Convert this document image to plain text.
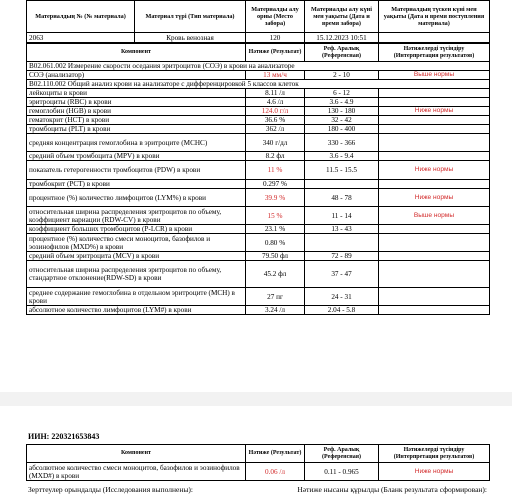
Материалдың № (№ материала)	Материал түрі (Тип материала)	Материалды алу орны (Место забора)	Материалды алу күні мен уақыты (Дата и время забора)	Материалдың түскен күні мен уақыты (Дата и время поступления материала)
2063	Кровь венозная	120	15.12.2023 10:51	
Компонент	Нәтиже (Результат)	Реф. Аралық (Референсная)	Нәтижелерді түсіндіру (Интерпретация результатов)
B02.061.002 Измерение скорости оседания эритроцитов (СОЭ) в крови на анализаторе			
СОЭ (анализатор)	13 мм/ч	2 - 10	Выше нормы
B02.110.002 Общий анализ крови на анализаторе с дифференцировкой 5 классов клеток			
лейкоциты в крови	8.11 /л	6 - 12	
эритроциты (RBC) в крови	4.6 /л	3.6 - 4.9	
гемоглобин (HGB) в крови	124.0 г/л	130 - 180	Ниже нормы
гематокрит (HCT) в крови	36.6 %	32 - 42	
тромбоциты (PLT) в крови	362 /л	180 - 400	
средняя концентрация гемоглобина в эритроците (MCHC)	340 г/дл	330 - 366	
средний объем тромбоцита (MPV) в крови	8.2 фл	3.6 - 9.4	
показатель гетерогенности тромбоцитов (PDW) в крови	11 %	11.5 - 15.5	Ниже нормы
тромбокрит (PCT) в крови	0.297 %		
процентное (%) количество лимфоцитов (LYM%) в крови	39.9 %	48 - 78	Ниже нормы
относительная ширина распределения эритроцитов по объему, коэффициент вариации (RDW-CV) в крови	15 %	11 - 14	Выше нормы
коэффициент больших тромбоцитов (P-LCR) в крови	23.1 %	13 - 43	
процентное (%) количество смеси моноцитов, базофилов и эозинофилов (MXD%) в крови	0.80 %		
средний объем эритроцита (MCV) в крови	79.50 фл	72 - 89	
относительная ширина распределения эритроцитов по объему, стандартное отклонение(RDW-SD) в крови	45.2 фл	37 - 47	
среднее содержание гемоглобина в отдельном эритроците (MCH) в крови	27 пг	24 - 31	
абсолютное количество лимфоцитов (LYM#) в крови	3.24 /л	2.04 - 5.8	
ИИН: 220321653843
Компонент	Нәтиже (Результат)	Реф. Аралық (Референсная)	Нәтижелерді түсіндіру (Интерпретация результатов)
абсолютное количество смеси моноцитов, базофилов и эозинофилов (MXD#) в крови	0.06 /л	0.11 - 0.965	Ниже нормы
Зерттеулер орындалды (Исследования выполнены):	Нәтиже нысаны құрылды (Бланк результата сформирован):
